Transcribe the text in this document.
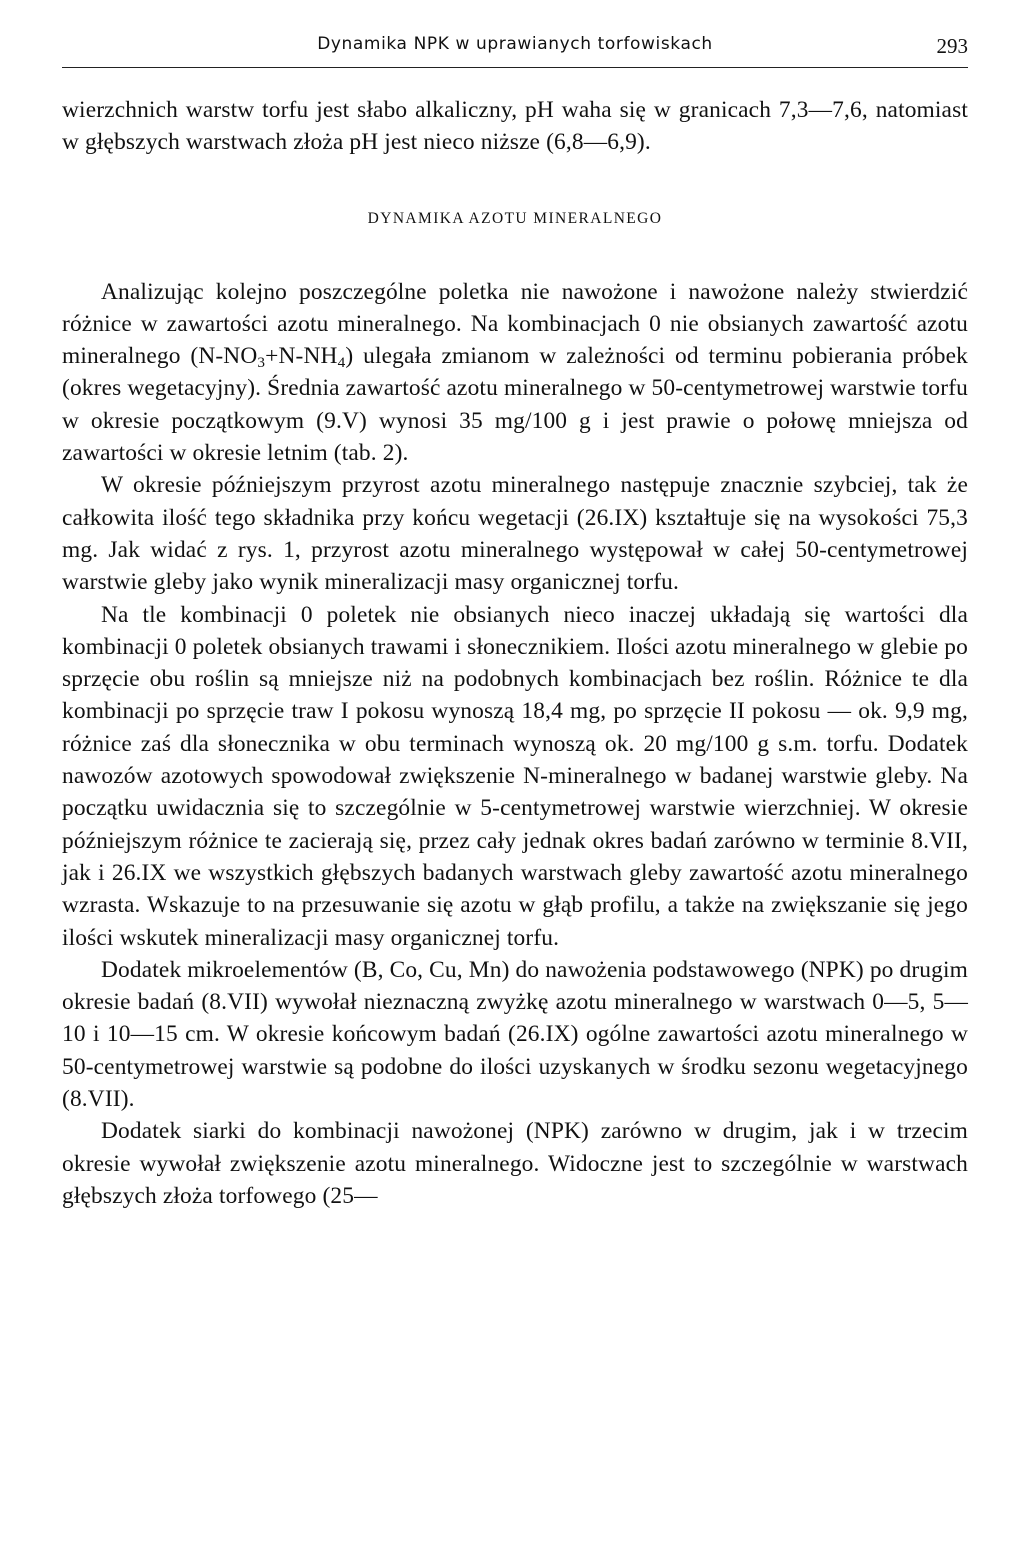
Dynamika NPK w uprawianych torfowiskach	293

wierzchnich warstw torfu jest słabo alkaliczny, pH waha się w granicach 7,3—7,6, natomiast w głębszych warstwach złoża pH jest nieco niższe (6,8—6,9).

DYNAMIKA AZOTU MINERALNEGO

Analizując kolejno poszczególne poletka nie nawożone i nawożone należy stwierdzić różnice w zawartości azotu mineralnego. Na kombinacjach 0 nie obsianych zawartość azotu mineralnego $(N-NO_3+N-NH_4)$ ulegała zmianom w zależności od terminu pobierania próbek (okres wegetacyjny). Średnia zawartość azotu mineralnego w 50-centymetrowej warstwie torfu w okresie początkowym (9.V) wynosi 35 mg/100 g i jest prawie o połowę mniejsza od zawartości w okresie letnim (tab. 2).

W okresie późniejszym przyrost azotu mineralnego następuje znacznie szybciej, tak że całkowita ilość tego składnika przy końcu wegetacji (26.IX) kształtuje się na wysokości 75,3 mg. Jak widać z rys. 1, przyrost azotu mineralnego występował w całej 50-centymetrowej warstwie gleby jako wynik mineralizacji masy organicznej torfu.

Na tle kombinacji 0 poletek nie obsianych nieco inaczej układają się wartości dla kombinacji 0 poletek obsianych trawami i słonecznikiem. Ilości azotu mineralnego w glebie po sprzęcie obu roślin są mniejsze niż na podobnych kombinacjach bez roślin. Różnice te dla kombinacji po sprzęcie traw I pokosu wynoszą 18,4 mg, po sprzęcie II pokosu — ok. 9,9 mg, różnice zaś dla słonecznika w obu terminach wynoszą ok. 20 mg/100 g s.m. torfu. Dodatek nawozów azotowych spowodował zwiększenie N-mineralnego w badanej warstwie gleby. Na początku uwidacznia się to szczególnie w 5-centymetrowej warstwie wierzchniej. W okresie późniejszym różnice te zacierają się, przez cały jednak okres badań zarówno w terminie 8.VII, jak i 26.IX we wszystkich głębszych badanych warstwach gleby zawartość azotu mineralnego wzrasta. Wskazuje to na przesuwanie się azotu w głąb profilu, a także na zwiększanie się jego ilości wskutek mineralizacji masy organicznej torfu.

Dodatek mikroelementów (B, Co, Cu, Mn) do nawożenia podstawowego (NPK) po drugim okresie badań (8.VII) wywołał nieznaczną zwyżkę azotu mineralnego w warstwach 0—5, 5—10 i 10—15 cm. W okresie końcowym badań (26.IX) ogólne zawartości azotu mineralnego w 50-centymetrowej warstwie są podobne do ilości uzyskanych w środku sezonu wegetacyjnego (8.VII).

Dodatek siarki do kombinacji nawożonej (NPK) zarówno w drugim, jak i w trzecim okresie wywołał zwiększenie azotu mineralnego. Widoczne jest to szczególnie w warstwach głębszych złoża torfowego (25—
